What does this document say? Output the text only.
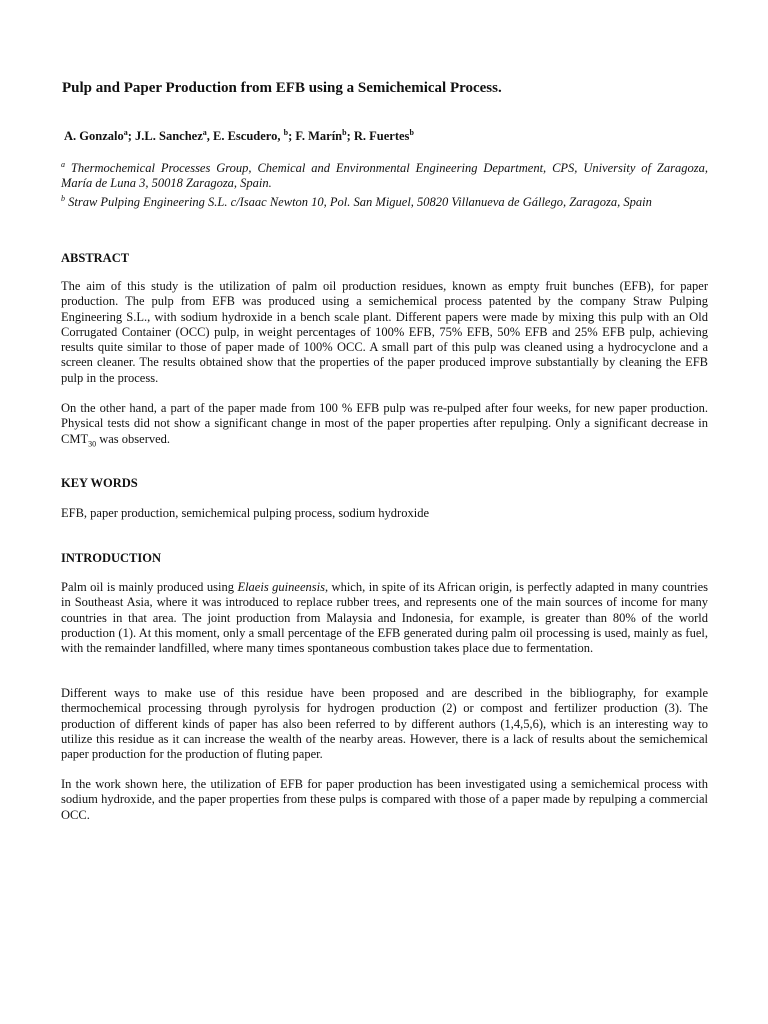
Pulp and Paper Production from EFB using a Semichemical Process.

A. Gonzalo$^a$; J.L. Sanchez$^a$, E. Escudero, $^b$; F. Marín$^b$; R. Fuertes$^b$

$^a$ Thermochemical Processes Group, Chemical and Environmental Engineering Department, CPS, University of Zaragoza, María de Luna 3, 50018 Zaragoza, Spain.
$^b$ Straw Pulping Engineering S.L. c/Isaac Newton 10, Pol. San Miguel, 50820 Villanueva de Gállego, Zaragoza, Spain
ABSTRACT

The aim of this study is the utilization of palm oil production residues, known as empty fruit bunches (EFB), for paper production. The pulp from EFB was produced using a semichemical process patented by the company Straw Pulping Engineering S.L., with sodium hydroxide in a bench scale plant. Different papers were made by mixing this pulp with an Old Corrugated Container (OCC) pulp, in weight percentages of 100% EFB, 75% EFB, 50% EFB and 25% EFB pulp, achieving results quite similar to those of paper made of 100% OCC. A small part of this pulp was cleaned using a hydrocyclone and a screen cleaner. The results obtained show that the properties of the paper produced improve substantially by cleaning the EFB pulp in the process.

On the other hand, a part of the paper made from 100 % EFB pulp was re-pulped after four weeks, for new paper production. Physical tests did not show a significant change in most of the paper properties after repulping. Only a significant decrease in $CMT_{30}$ was observed.

KEY WORDS

EFB, paper production, semichemical pulping process, sodium hydroxide

INTRODUCTION

Palm oil is mainly produced using Elaeis guineensis, which, in spite of its African origin, is perfectly adapted in many countries in Southeast Asia, where it was introduced to replace rubber trees, and represents one of the main sources of income for many countries in that area. The joint production from Malaysia and Indonesia, for example, is greater than 80% of the world production (1). At this moment, only a small percentage of the EFB generated during palm oil processing is used, mainly as fuel, with the remainder landfilled, where many times spontaneous combustion takes place due to fermentation.

Different ways to make use of this residue have been proposed and are described in the bibliography, for example thermochemical processing through pyrolysis for hydrogen production (2) or compost and fertilizer production (3). The production of different kinds of paper has also been referred to by different authors (1,4,5,6), which is an interesting way to utilize this residue as it can increase the wealth of the nearby areas. However, there is a lack of results about the semichemical paper production for the production of fluting paper.

In the work shown here, the utilization of EFB for paper production has been investigated using a semichemical process with sodium hydroxide, and the paper properties from these pulps is compared with those of a paper made by repulping a commercial OCC.
